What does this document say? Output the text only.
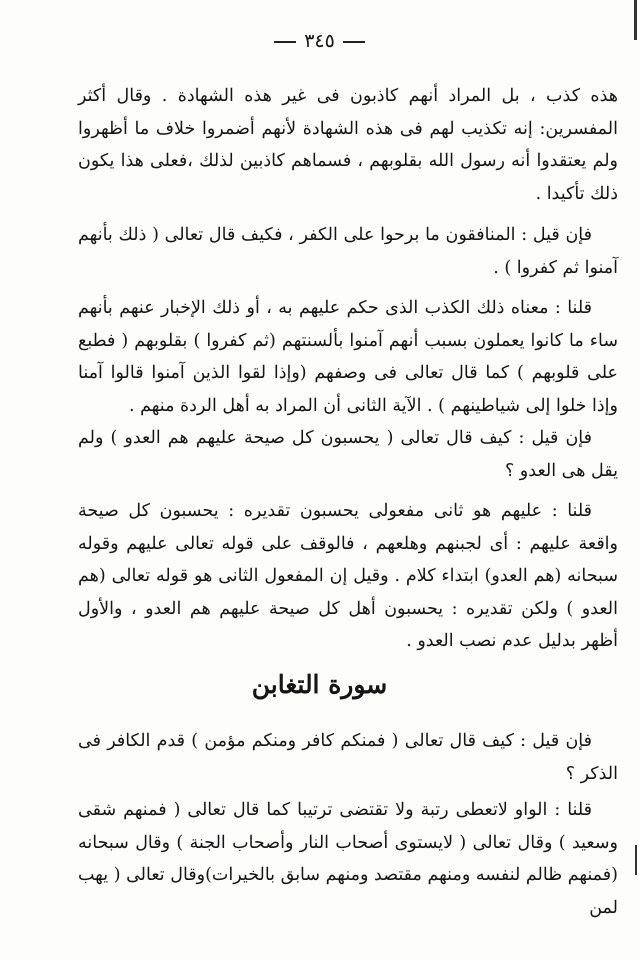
٣٤٥

هذه كذب ، بل المراد أنهم كاذبون فى غير هذه الشهادة . وقال أكثر المفسرين: إنه تكذيب لهم فى هذه الشهادة لأنهم أضمروا خلاف ما أظهروا ولم يعتقدوا أنه رسول الله بقلوبهم ، فسماهم كاذبين لذلك ،فعلى هذا يكون ذلك تأكيدا .

فإن قيل : المنافقون ما برحوا على الكفر ، فكيف قال تعالى ( ذلك بأنهم آمنوا ثم كفروا ) .

قلنا : معناه ذلك الكذب الذى حكم عليهم به ، أو ذلك الإخبار عنهم بأنهم ساء ما كانوا يعملون بسبب أنهم آمنوا بألسنتهم (ثم كفروا ) بقلوبهم ( فطبع على قلوبهم ) كما قال تعالى فى وصفهم (وإذا لقوا الذين آمنوا قالوا آمنا وإذا خلوا إلى شياطينهم ) . الآية الثانى أن المراد به أهل الردة منهم .

فإن قيل : كيف قال تعالى ( يحسبون كل صيحة عليهم هم العدو ) ولم يقل هى العدو ؟

قلنا : عليهم هو ثانى مفعولى يحسبون تقديره : يحسبون كل صيحة واقعة عليهم : أى لجبنهم وهلعهم ، فالوقف على قوله تعالى عليهم وقوله سبحانه (هم العدو) ابتداء كلام . وقيل إن المفعول الثانى هو قوله تعالى (هم العدو ) ولكن تقديره : يحسبون أهل كل صيحة عليهم هم العدو ، والأول أظهر بدليل عدم نصب العدو .

سورة التغابن

فإن قيل : كيف قال تعالى ( فمنكم كافر ومنكم مؤمن ) قدم الكافر فى الذكر ؟

قلنا : الواو لاتعطى رتبة ولا تقتضى ترتيبا كما قال تعالى ( فمنهم شقى وسعيد ) وقال تعالى ( لايستوى أصحاب النار وأصحاب الجنة ) وقال سبحانه (فمنهم ظالم لنفسه ومنهم مقتصد ومنهم سابق بالخيرات)وقال تعالى ( يهب لمن
